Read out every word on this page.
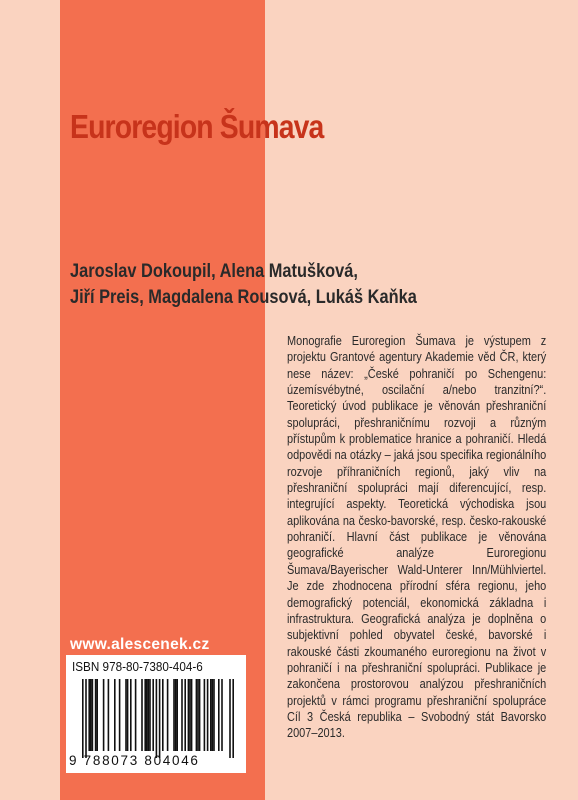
Euroregion Šumava
Jaroslav Dokoupil, Alena Matušková,
Jiří Preis, Magdalena Rousová, Lukáš Kaňka

Monografie Euroregion Šumava je výstupem z projektu Grantové agentury Akademie věd ČR, který nese název: „České pohraničí po Schengenu: územísvébytné, oscilační a/nebo tranzitní?“. Teoretický úvod publikace je věnován přeshraniční spolupráci, přeshraničnímu rozvoji a různým přístupům k problematice hranice a pohraničí. Hledá odpovědi na otázky – jaká jsou specifika regionálního rozvoje příhraničních regionů, jaký vliv na přeshraniční spolupráci mají diferencující, resp. integrující aspekty. Teoretická východiska jsou aplikována na česko-bavorské, resp. česko-rakouské pohraničí. Hlavní část publikace je věnována geografické analýze Euroregionu Šumava/Bayerischer Wald-Unterer Inn/Mühlviertel. Je zde zhodnocena přírodní sféra regionu, jeho demografický potenciál, ekonomická základna i infrastruktura. Geografická analýza je doplněna o subjektivní pohled obyvatel české, bavorské i rakouské části zkoumaného euroregionu na život v pohraničí i na přeshraniční spolupráci. Publikace je zakončena prostorovou analýzou přeshraničních projektů v rámci programu přeshraniční spolupráce Cíl 3 Česká republika – Svobodný stát Bavorsko 2007–2013.

www.alescenek.cz

ISBN 978-80-7380-404-6

9 788073 804046
